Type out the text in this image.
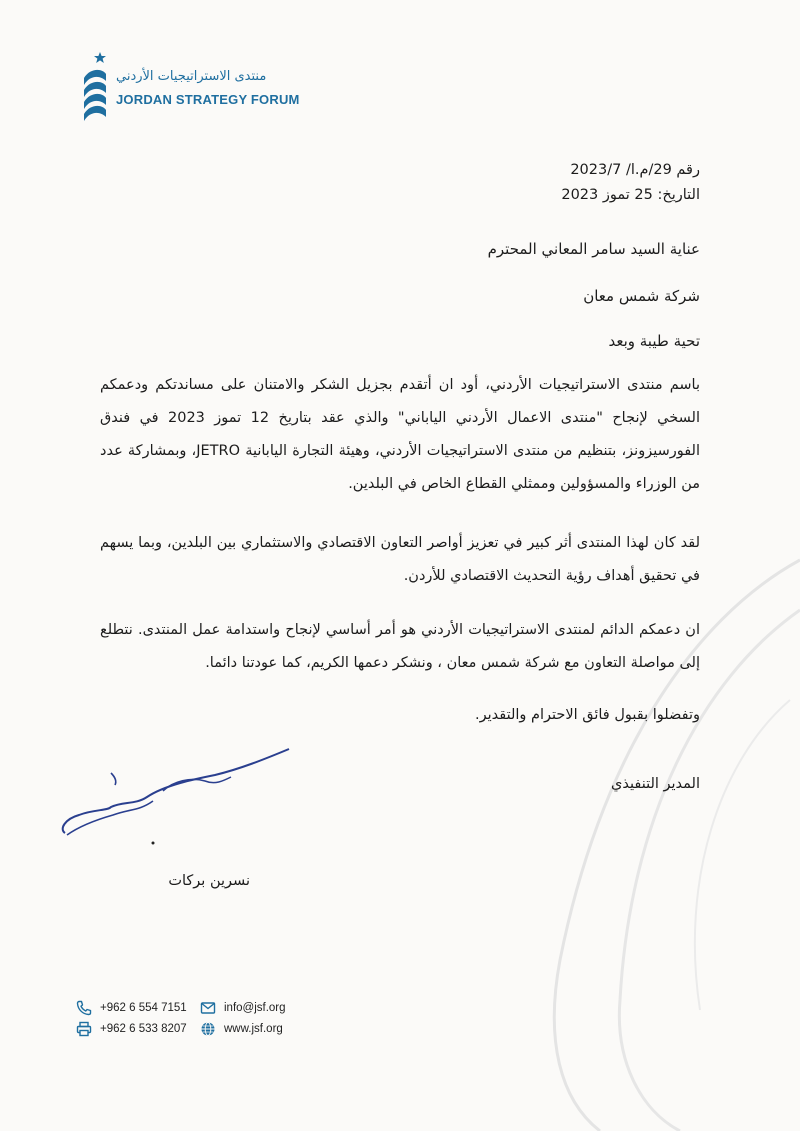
منتدى الاستراتيجيات الأردني
JORDAN STRATEGY FORUM
رقم 29/م.ا/ 2023/7
التاريخ: 25 تموز 2023
عناية السيد سامر المعاني المحترم
شركة شمس معان
تحية طيبة وبعد
باسم منتدى الاستراتيجيات الأردني، أود ان أتقدم بجزيل الشكر والامتنان على مساندتكم ودعمكم السخي لإنجاح "منتدى الاعمال الأردني الياباني" والذي عقد بتاريخ 12 تموز 2023 في فندق الفورسيزونز، بتنظيم من منتدى الاستراتيجيات الأردني، وهيئة التجارة اليابانية JETRO، وبمشاركة عدد من الوزراء والمسؤولين وممثلي القطاع الخاص في البلدين.
لقد كان لهذا المنتدى أثر كبير في تعزيز أواصر التعاون الاقتصادي والاستثماري بين البلدين، وبما يسهم في تحقيق أهداف رؤية التحديث الاقتصادي للأردن.
ان دعمكم الدائم لمنتدى الاستراتيجيات الأردني هو أمر أساسي لإنجاح واستدامة عمل المنتدى. نتطلع إلى مواصلة التعاون مع شركة شمس معان ، ونشكر دعمها الكريم، كما عودتنا دائما.
وتفضلوا بقبول فائق الاحترام والتقدير.
المدير التنفيذي
نسرين بركات
+962 6 554 7151
+962 6 533 8207
info@jsf.org
www.jsf.org
